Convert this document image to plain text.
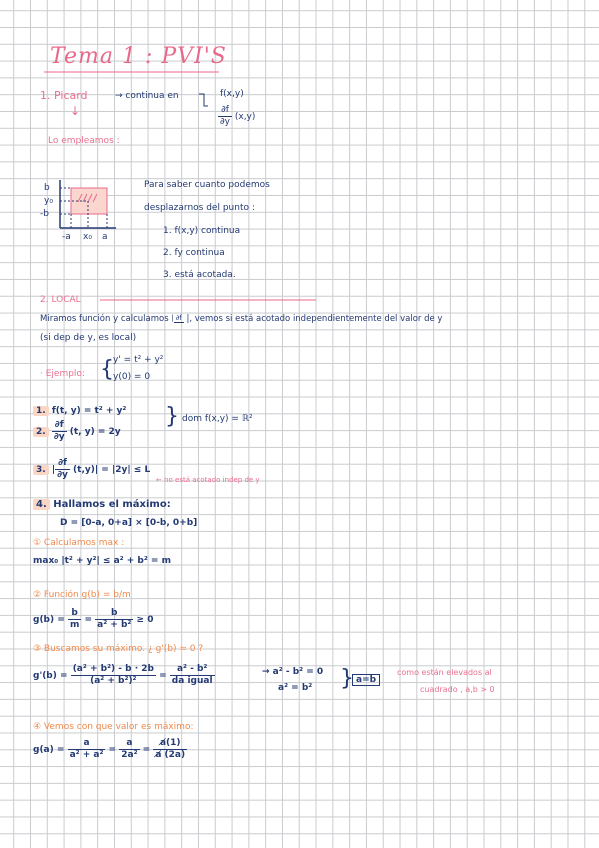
Tema 1 : PVI'S
1. Picard	→ continua en	f(x,y)
$\frac{\partial f}{\partial y} (x,y)$
↓
Lo empleamos :
b
y₀
-b
-a x₀ a
Para saber cuanto podemos
desplazarnos del punto :
1. f(x,y) continua
2. fy continua
3. está acotada.
2. LOCAL
Miramos función y calculamos | ∂f |, vemos si está acotado independientemente del valor de y
(si dep de y, es local)
· Ejemplo: { y' = t² + y²
y(0) = 0
1. f(t, y) = t² + y²
2. $\frac{\partial f}{\partial y} (t$, y) = 2y
} dom f(x,y) = ℝ²
3. | $\frac{\partial f}{\partial y} (t,y)| = |2y| \le L$
← no está acotado indep de y
4. Hallamos el máximo:
D = [0-a, 0+a] × [0-b, 0+b]
① Calculamos max :
max₀ |t² + y²| ≤ a² + b² = m
② Función g(b) = b/m
$g(b) = \frac{b}{m} = \frac{b}{\text{a² + b²}} \ge 0$
③ Buscamos su máximo. ¿ g'(b) = 0 ?
$g'(b) = \frac{\text{(a² + b²) - b · 2b}}{\text{(a² + b²)²}} = \frac{\text{a² - b²}}{\text{da igual}}$	→ a² - b² = 0
a² = b² } a=b
como están elevados al
cuadrado , a,b > 0
④ Vemos con que valor es máximo:
$g(a) = \frac{a}{\text{a² + a²}} = \frac{a}{\text{2a²}} = \frac{a̸(1)}{a̸ (2a)}$
